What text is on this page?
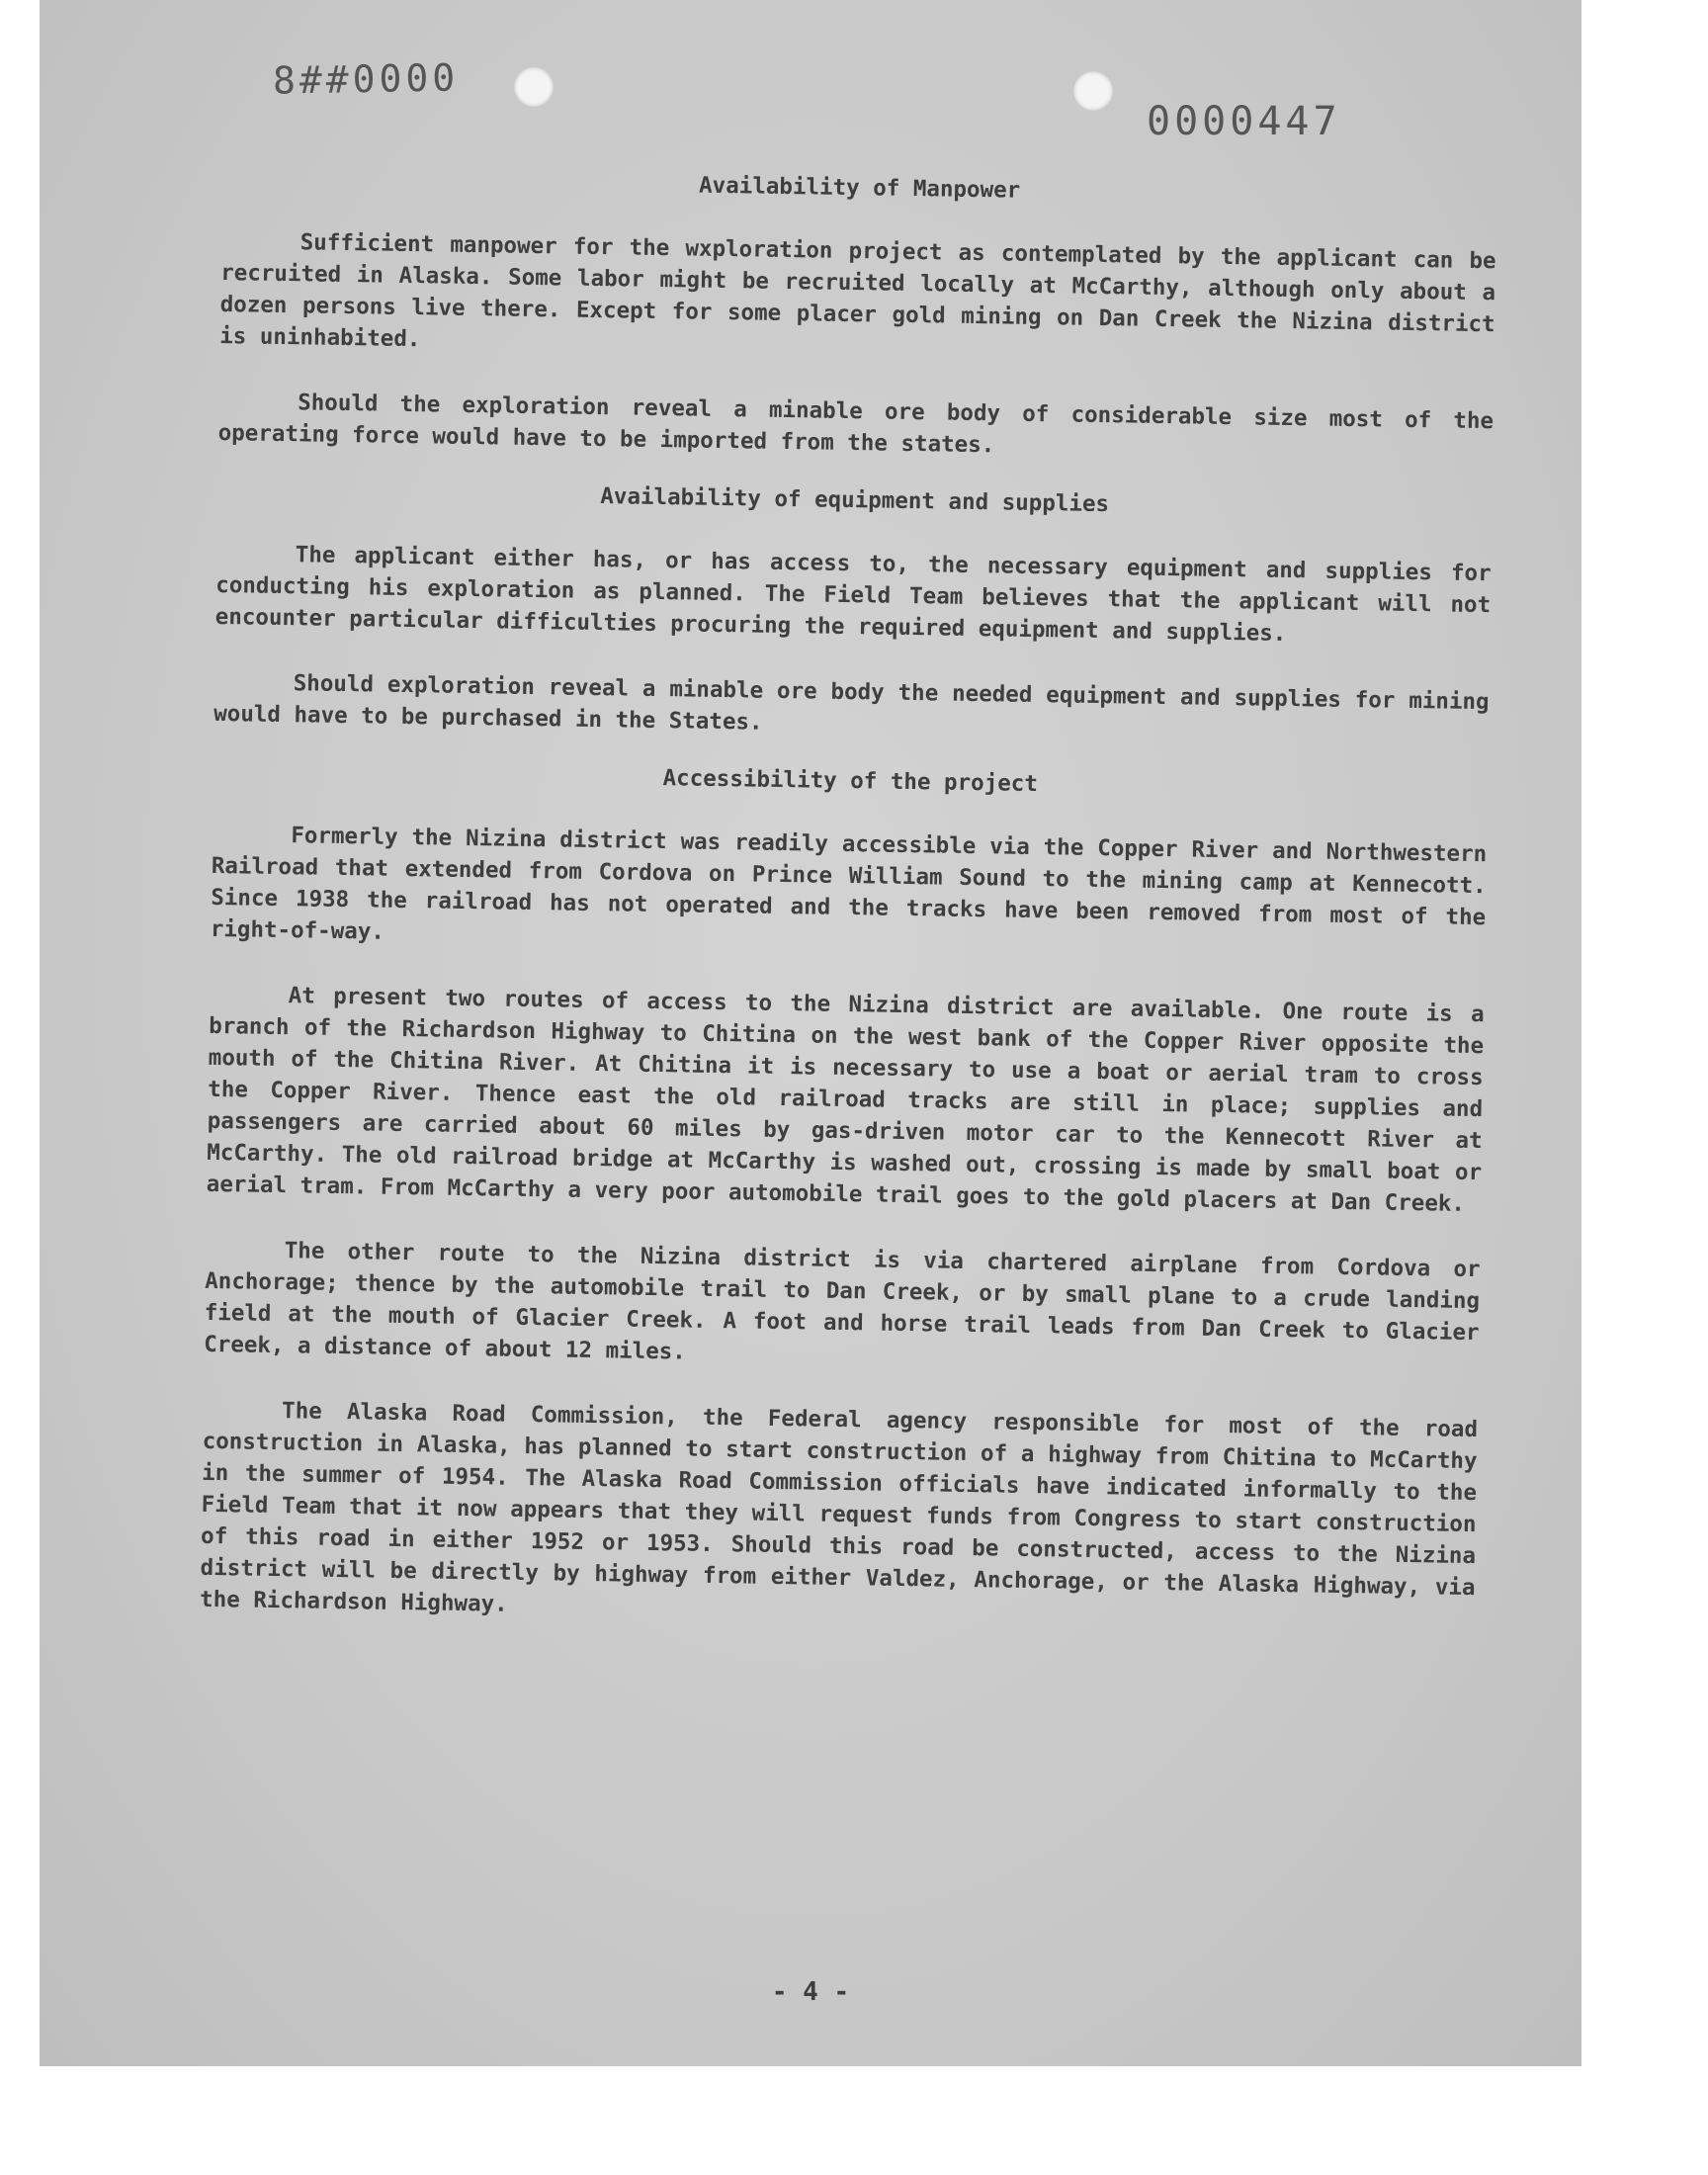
8##0000
0000447

Availability of Manpower

Sufficient manpower for the wxploration project as contemplated by the applicant can be recruited in Alaska. Some labor might be recruited locally at McCarthy, although only about a dozen persons live there. Except for some placer gold mining on Dan Creek the Nizina district is uninhabited.

Should the exploration reveal a minable ore body of considerable size most of the operating force would have to be imported from the states.

Availability of equipment and supplies

The applicant either has, or has access to, the necessary equipment and supplies for conducting his exploration as planned. The Field Team believes that the applicant will not encounter particular difficulties procuring the required equipment and supplies.

Should exploration reveal a minable ore body the needed equipment and supplies for mining would have to be purchased in the States.

Accessibility of the project

Formerly the Nizina district was readily accessible via the Copper River and Northwestern Railroad that extended from Cordova on Prince William Sound to the mining camp at Kennecott. Since 1938 the railroad has not operated and the tracks have been removed from most of the right-of-way.

At present two routes of access to the Nizina district are available. One route is a branch of the Richardson Highway to Chitina on the west bank of the Copper River opposite the mouth of the Chitina River. At Chitina it is necessary to use a boat or aerial tram to cross the Copper River. Thence east the old railroad tracks are still in place; supplies and passengers are carried about 60 miles by gas-driven motor car to the Kennecott River at McCarthy. The old railroad bridge at McCarthy is washed out, crossing is made by small boat or aerial tram. From McCarthy a very poor automobile trail goes to the gold placers at Dan Creek.

The other route to the Nizina district is via chartered airplane from Cordova or Anchorage; thence by the automobile trail to Dan Creek, or by small plane to a crude landing field at the mouth of Glacier Creek. A foot and horse trail leads from Dan Creek to Glacier Creek, a distance of about 12 miles.

The Alaska Road Commission, the Federal agency responsible for most of the road construction in Alaska, has planned to start construction of a highway from Chitina to McCarthy in the summer of 1954. The Alaska Road Commission officials have indicated informally to the Field Team that it now appears that they will request funds from Congress to start construction of this road in either 1952 or 1953. Should this road be constructed, access to the Nizina district will be directly by highway from either Valdez, Anchorage, or the Alaska Highway, via the Richardson Highway.

- 4 -
